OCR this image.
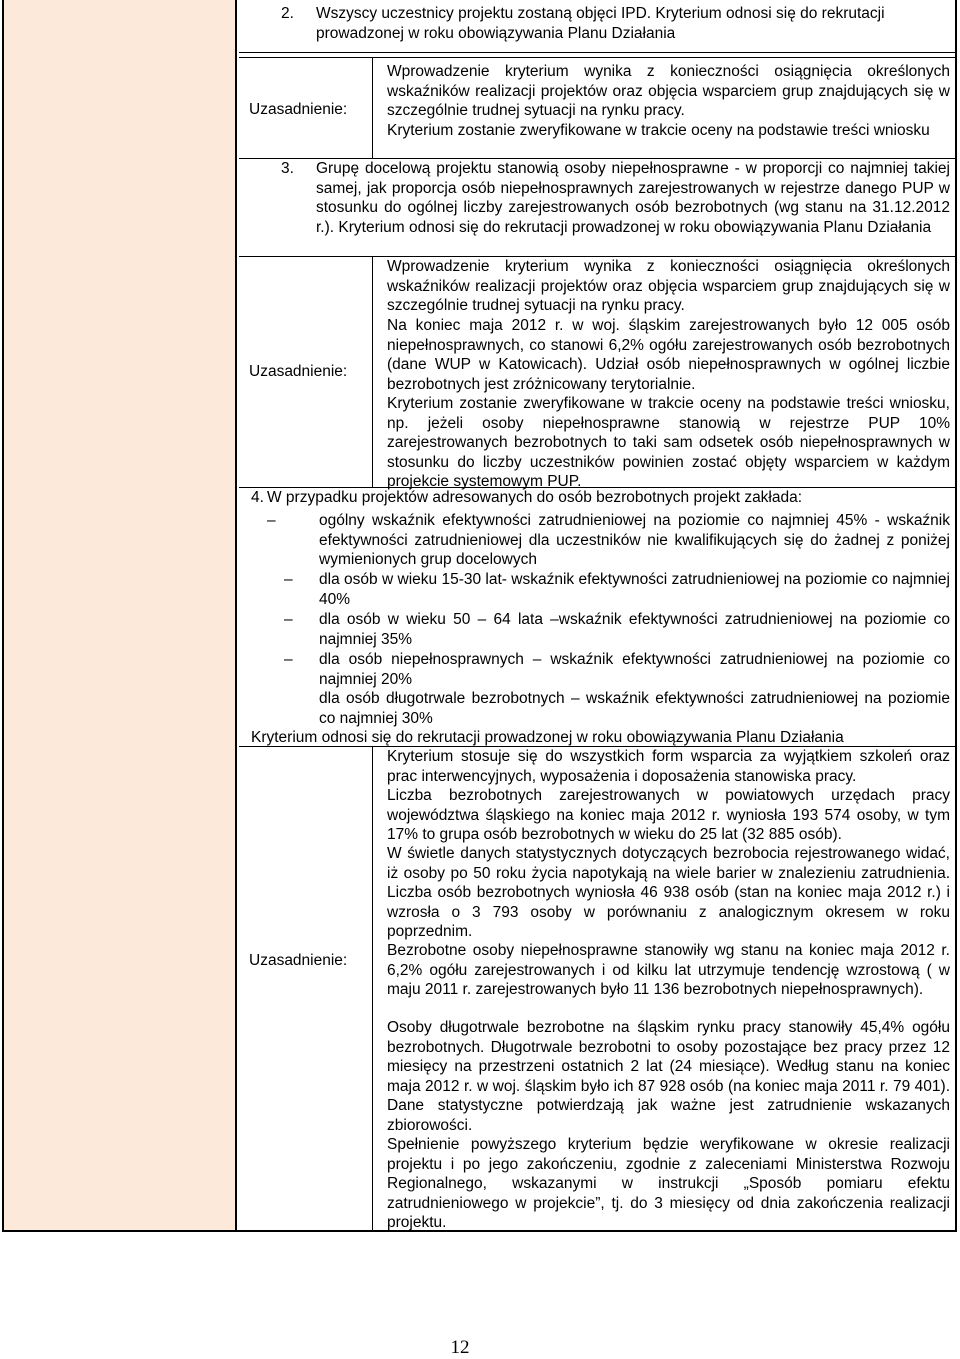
2. Wszyscy uczestnicy projektu zostaną objęci IPD. Kryterium odnosi się do rekrutacji prowadzonej w roku obowiązywania Planu Działania

Uzasadnienie:

Wprowadzenie kryterium wynika z konieczności osiągnięcia określonych wskaźników realizacji projektów oraz objęcia wsparciem grup znajdujących się w szczególnie trudnej sytuacji na rynku pracy.

Kryterium zostanie zweryfikowane w trakcie oceny na podstawie treści wniosku

3. Grupę docelową projektu stanowią osoby niepełnosprawne - w proporcji co najmniej takiej samej, jak proporcja osób niepełnosprawnych zarejestrowanych w rejestrze danego PUP w stosunku do ogólnej liczby zarejestrowanych osób bezrobotnych (wg stanu na 31.12.2012 r.). Kryterium odnosi się do rekrutacji prowadzonej w roku obowiązywania Planu Działania

Uzasadnienie:

Wprowadzenie kryterium wynika z konieczności osiągnięcia określonych wskaźników realizacji projektów oraz objęcia wsparciem grup znajdujących się w szczególnie trudnej sytuacji na rynku pracy.

Na koniec maja 2012 r. w woj. śląskim zarejestrowanych było 12 005 osób niepełnosprawnych, co stanowi 6,2% ogółu zarejestrowanych osób bezrobotnych (dane WUP w Katowicach). Udział osób niepełnosprawnych w ogólnej liczbie bezrobotnych jest zróżnicowany terytorialnie.

Kryterium zostanie zweryfikowane w trakcie oceny na podstawie treści wniosku, np. jeżeli osoby niepełnosprawne stanowią w rejestrze PUP 10% zarejestrowanych bezrobotnych to taki sam odsetek osób niepełnosprawnych w stosunku do liczby uczestników powinien zostać objęty wsparciem w każdym projekcie systemowym PUP.

4. W przypadku projektów adresowanych do osób bezrobotnych projekt zakłada:

–	ogólny wskaźnik efektywności zatrudnieniowej na poziomie co najmniej 45% - wskaźnik efektywności zatrudnieniowej dla uczestników nie kwalifikujących się do żadnej z poniżej wymienionych grup docelowych

– dla osób w wieku 15-30 lat- wskaźnik efektywności zatrudnieniowej na poziomie co najmniej 40%

– dla osób w wieku 50 – 64 lata –wskaźnik efektywności zatrudnieniowej na poziomie co najmniej 35%

– dla osób niepełnosprawnych – wskaźnik efektywności zatrudnieniowej na poziomie co najmniej 20%

dla osób długotrwale bezrobotnych – wskaźnik efektywności zatrudnieniowej na poziomie co najmniej 30%

Kryterium odnosi się do rekrutacji prowadzonej w roku obowiązywania Planu Działania

Uzasadnienie:

Kryterium stosuje się do wszystkich form wsparcia za wyjątkiem szkoleń oraz prac interwencyjnych, wyposażenia i doposażenia stanowiska pracy.

Liczba bezrobotnych zarejestrowanych w powiatowych urzędach pracy województwa śląskiego na koniec maja 2012 r. wyniosła 193 574 osoby, w tym 17% to grupa osób bezrobotnych w wieku do 25 lat (32 885 osób).

W świetle danych statystycznych dotyczących bezrobocia rejestrowanego widać, iż osoby po 50 roku życia napotykają na wiele barier w znalezieniu zatrudnienia. Liczba osób bezrobotnych wyniosła 46 938 osób (stan na koniec maja 2012 r.) i wzrosła o 3 793 osoby w porównaniu z analogicznym okresem w roku poprzednim.

Bezrobotne osoby niepełnosprawne stanowiły wg stanu na koniec maja 2012 r. 6,2% ogółu zarejestrowanych i od kilku lat utrzymuje tendencję wzrostową ( w maju 2011 r. zarejestrowanych było 11 136 bezrobotnych niepełnosprawnych).

Osoby długotrwale bezrobotne na śląskim rynku pracy stanowiły 45,4% ogółu bezrobotnych. Długotrwale bezrobotni to osoby pozostające bez pracy przez 12 miesięcy na przestrzeni ostatnich 2 lat (24 miesiące). Według stanu na koniec maja 2012 r. w woj. śląskim było ich 87 928 osób (na koniec maja 2011 r. 79 401). Dane statystyczne potwierdzają jak ważne jest zatrudnienie wskazanych zbiorowości.

Spełnienie powyższego kryterium będzie weryfikowane w okresie realizacji projektu i po jego zakończeniu, zgodnie z zaleceniami Ministerstwa Rozwoju Regionalnego, wskazanymi w instrukcji „Sposób pomiaru efektu zatrudnieniowego w projekcie”, tj. do 3 miesięcy od dnia zakończenia realizacji projektu.

12
